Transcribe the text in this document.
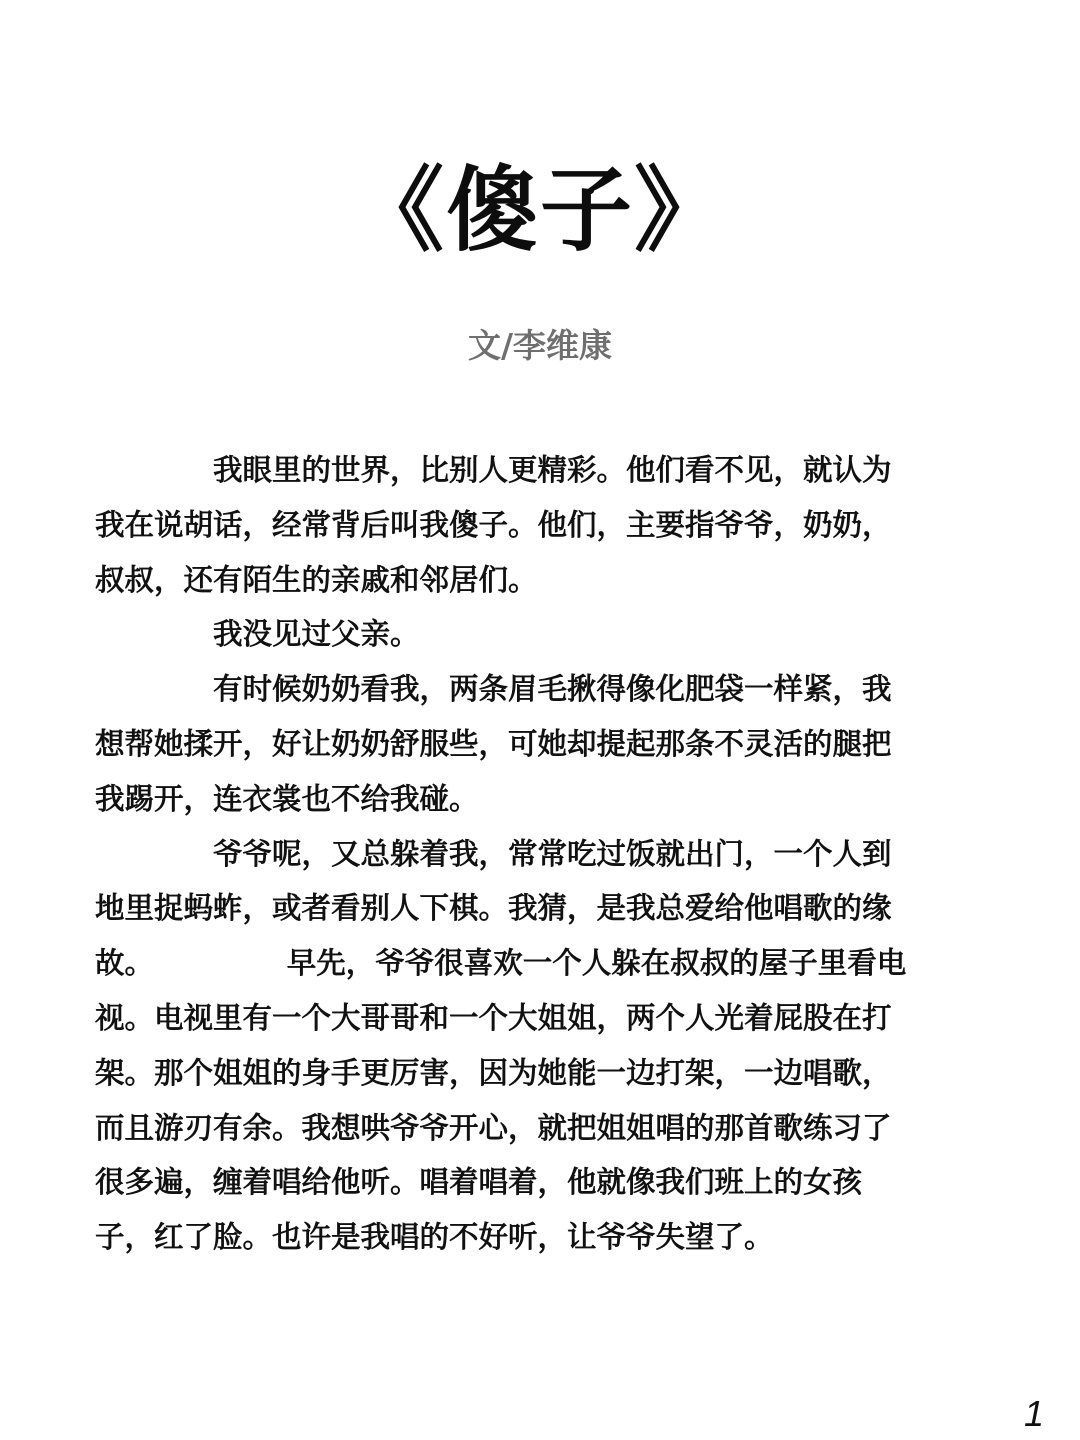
《傻子》
文/李维康
　　　　我眼里的世界，比别人更精彩。他们看不见，就认为
我在说胡话，经常背后叫我傻子。他们，主要指爷爷，奶奶，
叔叔，还有陌生的亲戚和邻居们。
　　　　我没见过父亲。
　　　　有时候奶奶看我，两条眉毛揪得像化肥袋一样紧，我
想帮她揉开，好让奶奶舒服些，可她却提起那条不灵活的腿把
我踢开，连衣裳也不给我碰。
　　　　爷爷呢，又总躲着我，常常吃过饭就出门，一个人到
地里捉蚂蚱，或者看别人下棋。我猜，是我总爱给他唱歌的缘
故。　　　　　早先，爷爷很喜欢一个人躲在叔叔的屋子里看电
视。电视里有一个大哥哥和一个大姐姐，两个人光着屁股在打
架。那个姐姐的身手更厉害，因为她能一边打架，一边唱歌，
而且游刃有余。我想哄爷爷开心，就把姐姐唱的那首歌练习了
很多遍，缠着唱给他听。唱着唱着，他就像我们班上的女孩
子，红了脸。也许是我唱的不好听，让爷爷失望了。
1
